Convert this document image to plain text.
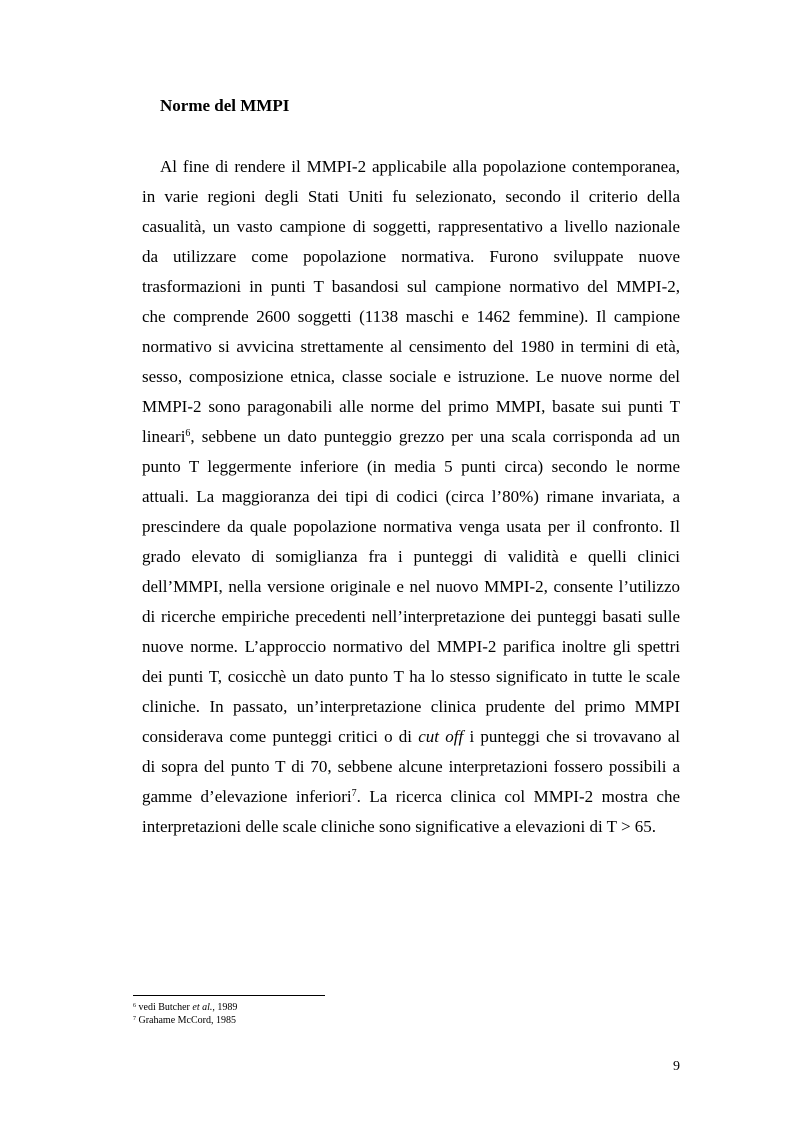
Norme del MMPI
Al fine di rendere il MMPI-2 applicabile alla popolazione contemporanea,
in varie regioni degli Stati Uniti fu selezionato, secondo il criterio della
casualità, un vasto campione di soggetti, rappresentativo a livello nazionale
da utilizzare come popolazione normativa. Furono sviluppate nuove
trasformazioni in punti T basandosi sul campione normativo del MMPI-2,
che comprende 2600 soggetti (1138 maschi e 1462 femmine). Il campione
normativo si avvicina strettamente al censimento del 1980 in termini di età,
sesso, composizione etnica, classe sociale e istruzione. Le nuove norme del
MMPI-2 sono paragonabili alle norme del primo MMPI, basate sui punti T
lineari$^6$, sebbene un dato punteggio grezzo per una scala corrisponda ad un
punto T leggermente inferiore (in media 5 punti circa) secondo le norme
attuali. La maggioranza dei tipi di codici (circa l’80%) rimane invariata, a
prescindere da quale popolazione normativa venga usata per il confronto. Il
grado elevato di somiglianza fra i punteggi di validità e quelli clinici
dell’MMPI, nella versione originale e nel nuovo MMPI-2, consente l’utilizzo
di ricerche empiriche precedenti nell’interpretazione dei punteggi basati sulle
nuove norme. L’approccio normativo del MMPI-2 parifica inoltre gli spettri
dei punti T, cosicchè un dato punto T ha lo stesso significato in tutte le scale
cliniche. In passato, un’interpretazione clinica prudente del primo MMPI
considerava come punteggi critici o di cut off i punteggi che si trovavano al
di sopra del punto T di 70, sebbene alcune interpretazioni fossero possibili a
gamme d’elevazione inferiori$^7$. La ricerca clinica col MMPI-2 mostra che
interpretazioni delle scale cliniche sono significative a elevazioni di T > 65.
$^6$ vedi Butcher et al., 1989
$^7$ Grahame McCord, 1985
9
